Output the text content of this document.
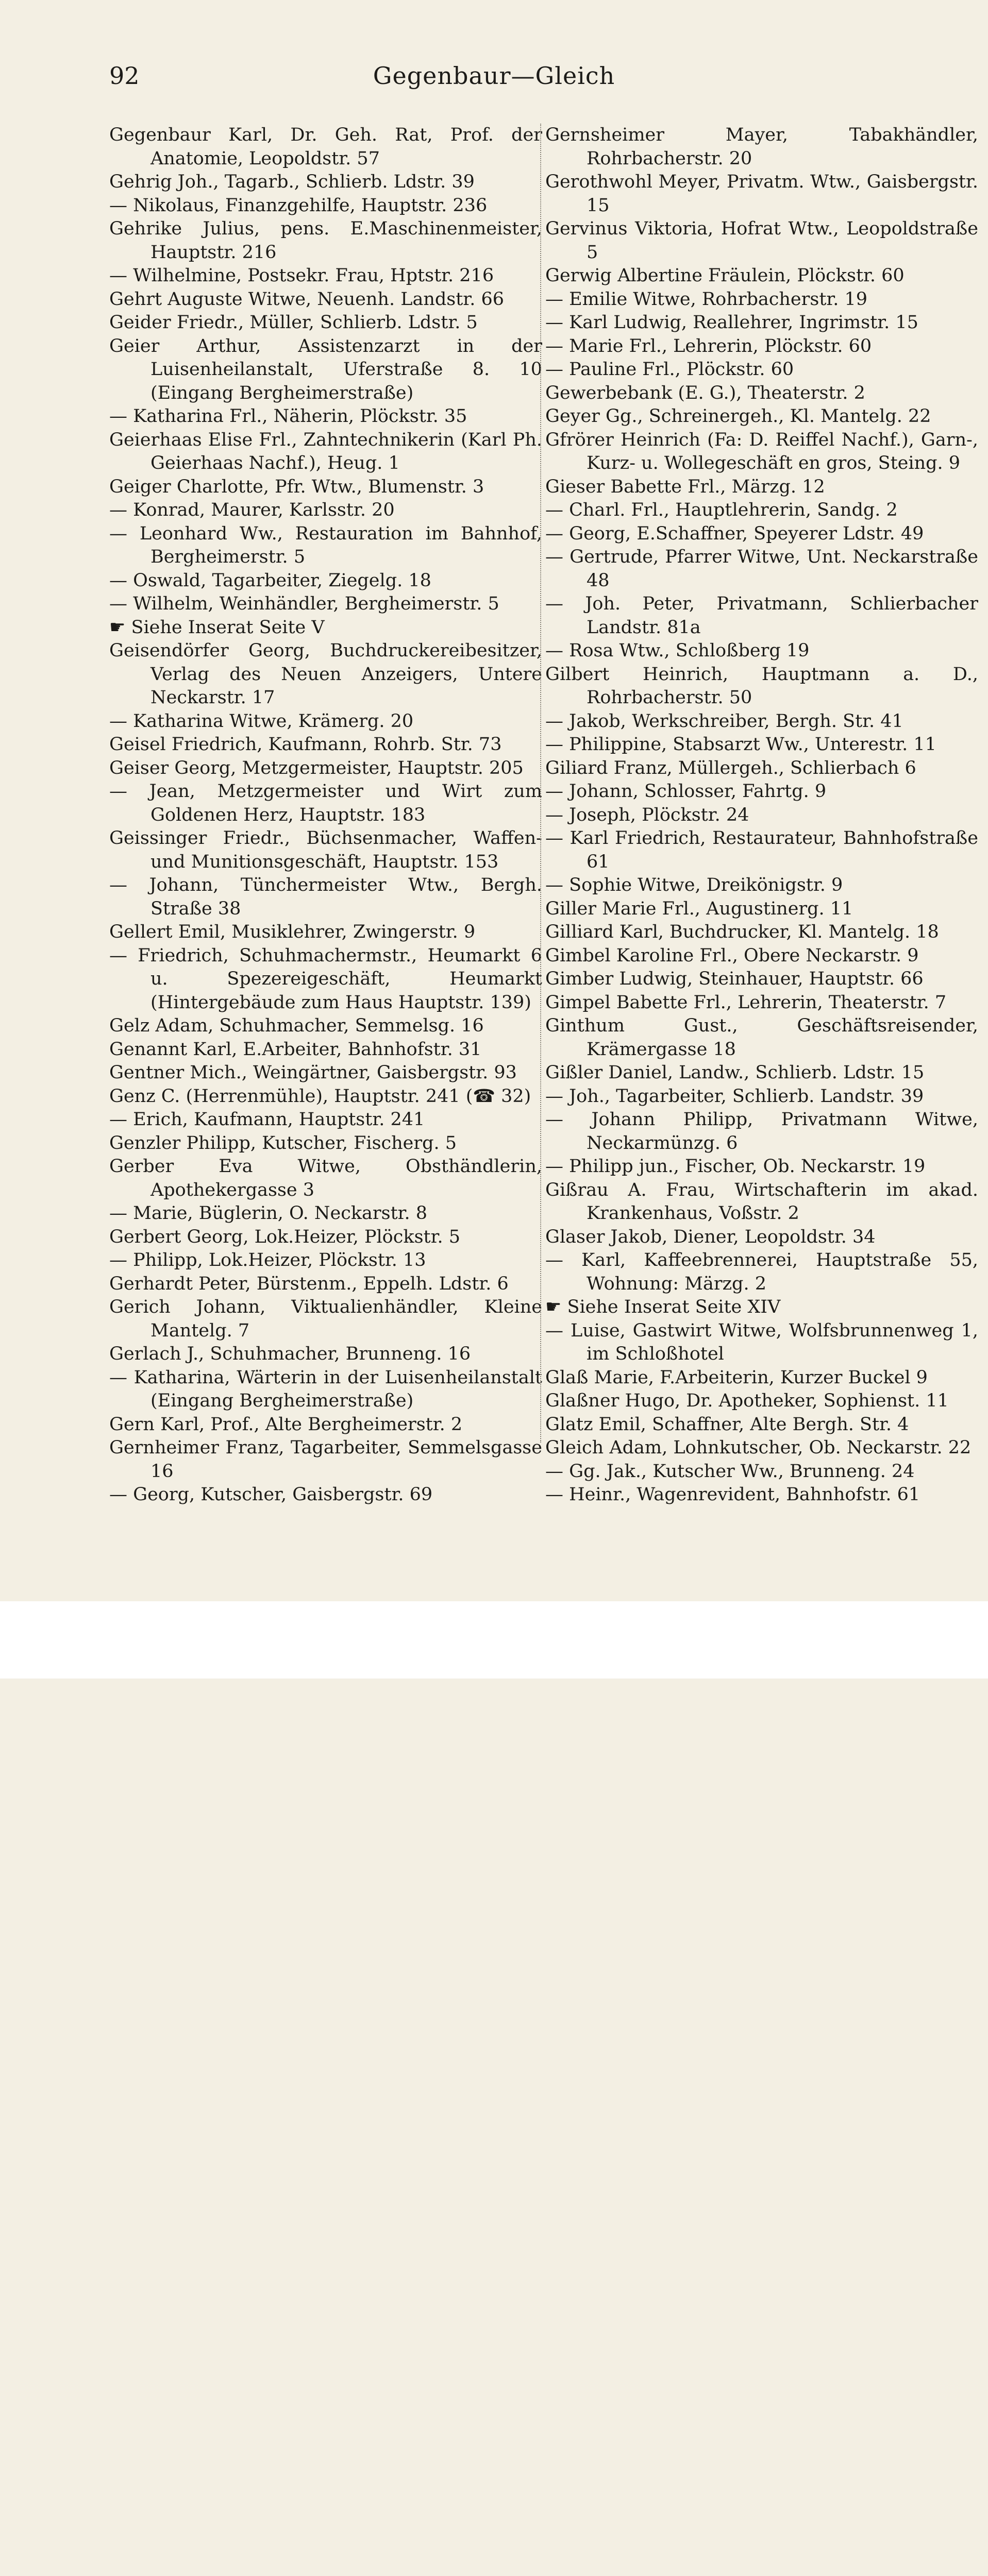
92	Gegenbaur—Gleich
Gegenbaur Karl, Dr. Geh. Rat, Prof. der Anatomie, Leopoldstr. 57
Gehrig Joh., Tagarb., Schlierb. Ldstr. 39
— Nikolaus, Finanzgehilfe, Hauptstr. 236
Gehrike Julius, pens. E.Maschinenmeister, Hauptstr. 216
— Wilhelmine, Postsekr. Frau, Hptstr. 216
Gehrt Auguste Witwe, Neuenh. Landstr. 66
Geider Friedr., Müller, Schlierb. Ldstr. 5
Geier Arthur, Assistenzarzt in der Luisenheilanstalt, Uferstraße 8. 10 (Eingang Bergheimerstraße)
— Katharina Frl., Näherin, Plöckstr. 35
Geierhaas Elise Frl., Zahntechnikerin (Karl Ph. Geierhaas Nachf.), Heug. 1
Geiger Charlotte, Pfr. Wtw., Blumenstr. 3
— Konrad, Maurer, Karlsstr. 20
— Leonhard Ww., Restauration im Bahnhof, Bergheimerstr. 5
— Oswald, Tagarbeiter, Ziegelg. 18
— Wilhelm, Weinhändler, Bergheimerstr. 5
☛ Siehe Inserat Seite V
Geisendörfer Georg, Buchdruckereibesitzer, Verlag des Neuen Anzeigers, Untere Neckarstr. 17
— Katharina Witwe, Krämerg. 20
Geisel Friedrich, Kaufmann, Rohrb. Str. 73
Geiser Georg, Metzgermeister, Hauptstr. 205
— Jean, Metzgermeister und Wirt zum Goldenen Herz, Hauptstr. 183
Geissinger Friedr., Büchsenmacher, Waffen- und Munitionsgeschäft, Hauptstr. 153
— Johann, Tünchermeister Wtw., Bergh. Straße 38
Gellert Emil, Musiklehrer, Zwingerstr. 9
— Friedrich, Schuhmachermstr., Heumarkt 6 u. Spezereigeschäft, Heumarkt (Hintergebäude zum Haus Hauptstr. 139)
Gelz Adam, Schuhmacher, Semmelsg. 16
Genannt Karl, E.Arbeiter, Bahnhofstr. 31
Gentner Mich., Weingärtner, Gaisbergstr. 93
Genz C. (Herrenmühle), Hauptstr. 241 (☎ 32)
— Erich, Kaufmann, Hauptstr. 241
Genzler Philipp, Kutscher, Fischerg. 5
Gerber Eva Witwe, Obsthändlerin, Apothekergasse 3
— Marie, Büglerin, O. Neckarstr. 8
Gerbert Georg, Lok.Heizer, Plöckstr. 5
— Philipp, Lok.Heizer, Plöckstr. 13
Gerhardt Peter, Bürstenm., Eppelh. Ldstr. 6
Gerich Johann, Viktualienhändler, Kleine Mantelg. 7
Gerlach J., Schuhmacher, Brunneng. 16
— Katharina, Wärterin in der Luisenheilanstalt (Eingang Bergheimerstraße)
Gern Karl, Prof., Alte Bergheimerstr. 2
Gernheimer Franz, Tagarbeiter, Semmelsgasse 16
— Georg, Kutscher, Gaisbergstr. 69
Gernsheimer Mayer, Tabakhändler, Rohrbacherstr. 20
Gerothwohl Meyer, Privatm. Wtw., Gaisbergstr. 15
Gervinus Viktoria, Hofrat Wtw., Leopoldstraße 5
Gerwig Albertine Fräulein, Plöckstr. 60
— Emilie Witwe, Rohrbacherstr. 19
— Karl Ludwig, Reallehrer, Ingrimstr. 15
— Marie Frl., Lehrerin, Plöckstr. 60
— Pauline Frl., Plöckstr. 60
Gewerbebank (E. G.), Theaterstr. 2
Geyer Gg., Schreinergeh., Kl. Mantelg. 22
Gfrörer Heinrich (Fa: D. Reiffel Nachf.), Garn-, Kurz- u. Wollegeschäft en gros, Steing. 9
Gieser Babette Frl., Märzg. 12
— Charl. Frl., Hauptlehrerin, Sandg. 2
— Georg, E.Schaffner, Speyerer Ldstr. 49
— Gertrude, Pfarrer Witwe, Unt. Neckarstraße 48
— Joh. Peter, Privatmann, Schlierbacher Landstr. 81a
— Rosa Wtw., Schloßberg 19
Gilbert Heinrich, Hauptmann a. D., Rohrbacherstr. 50
— Jakob, Werkschreiber, Bergh. Str. 41
— Philippine, Stabsarzt Ww., Unterestr. 11
Giliard Franz, Müllergeh., Schlierbach 6
— Johann, Schlosser, Fahrtg. 9
— Joseph, Plöckstr. 24
— Karl Friedrich, Restaurateur, Bahnhofstraße 61
— Sophie Witwe, Dreikönigstr. 9
Giller Marie Frl., Augustinerg. 11
Gilliard Karl, Buchdrucker, Kl. Mantelg. 18
Gimbel Karoline Frl., Obere Neckarstr. 9
Gimber Ludwig, Steinhauer, Hauptstr. 66
Gimpel Babette Frl., Lehrerin, Theaterstr. 7
Ginthum Gust., Geschäftsreisender, Krämergasse 18
Gißler Daniel, Landw., Schlierb. Ldstr. 15
— Joh., Tagarbeiter, Schlierb. Landstr. 39
— Johann Philipp, Privatmann Witwe, Neckarmünzg. 6
— Philipp jun., Fischer, Ob. Neckarstr. 19
Gißrau A. Frau, Wirtschafterin im akad. Krankenhaus, Voßstr. 2
Glaser Jakob, Diener, Leopoldstr. 34
— Karl, Kaffeebrennerei, Hauptstraße 55, Wohnung: Märzg. 2
☛ Siehe Inserat Seite XIV
— Luise, Gastwirt Witwe, Wolfsbrunnenweg 1, im Schloßhotel
Glaß Marie, F.Arbeiterin, Kurzer Buckel 9
Glaßner Hugo, Dr. Apotheker, Sophienst. 11
Glatz Emil, Schaffner, Alte Bergh. Str. 4
Gleich Adam, Lohnkutscher, Ob. Neckarstr. 22
— Gg. Jak., Kutscher Ww., Brunneng. 24
— Heinr., Wagenrevident, Bahnhofstr. 61
